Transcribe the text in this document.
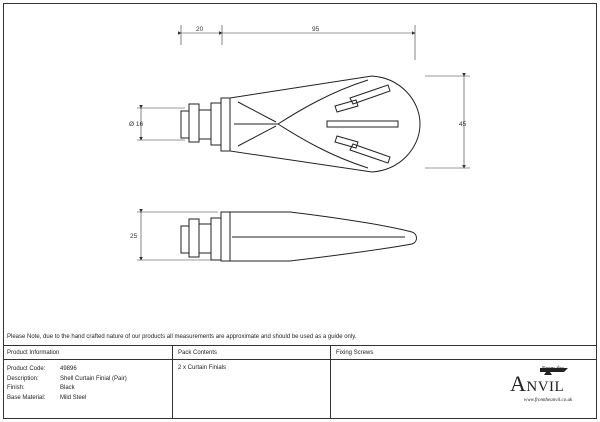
20	95
45
Ø 16
25
Please Note, due to the hand crafted nature of our products all measurements are approximate and should be used as a guide only.
Product Information	Pack Contents	Fixing Screws
Product Code:	49896
Description:	Shell Curtain Finial (Pair)
Finish:	Black
Base Material:	Mild Steel
2 x Curtain Finials
Anvil
www.fromtheanvil.co.uk
